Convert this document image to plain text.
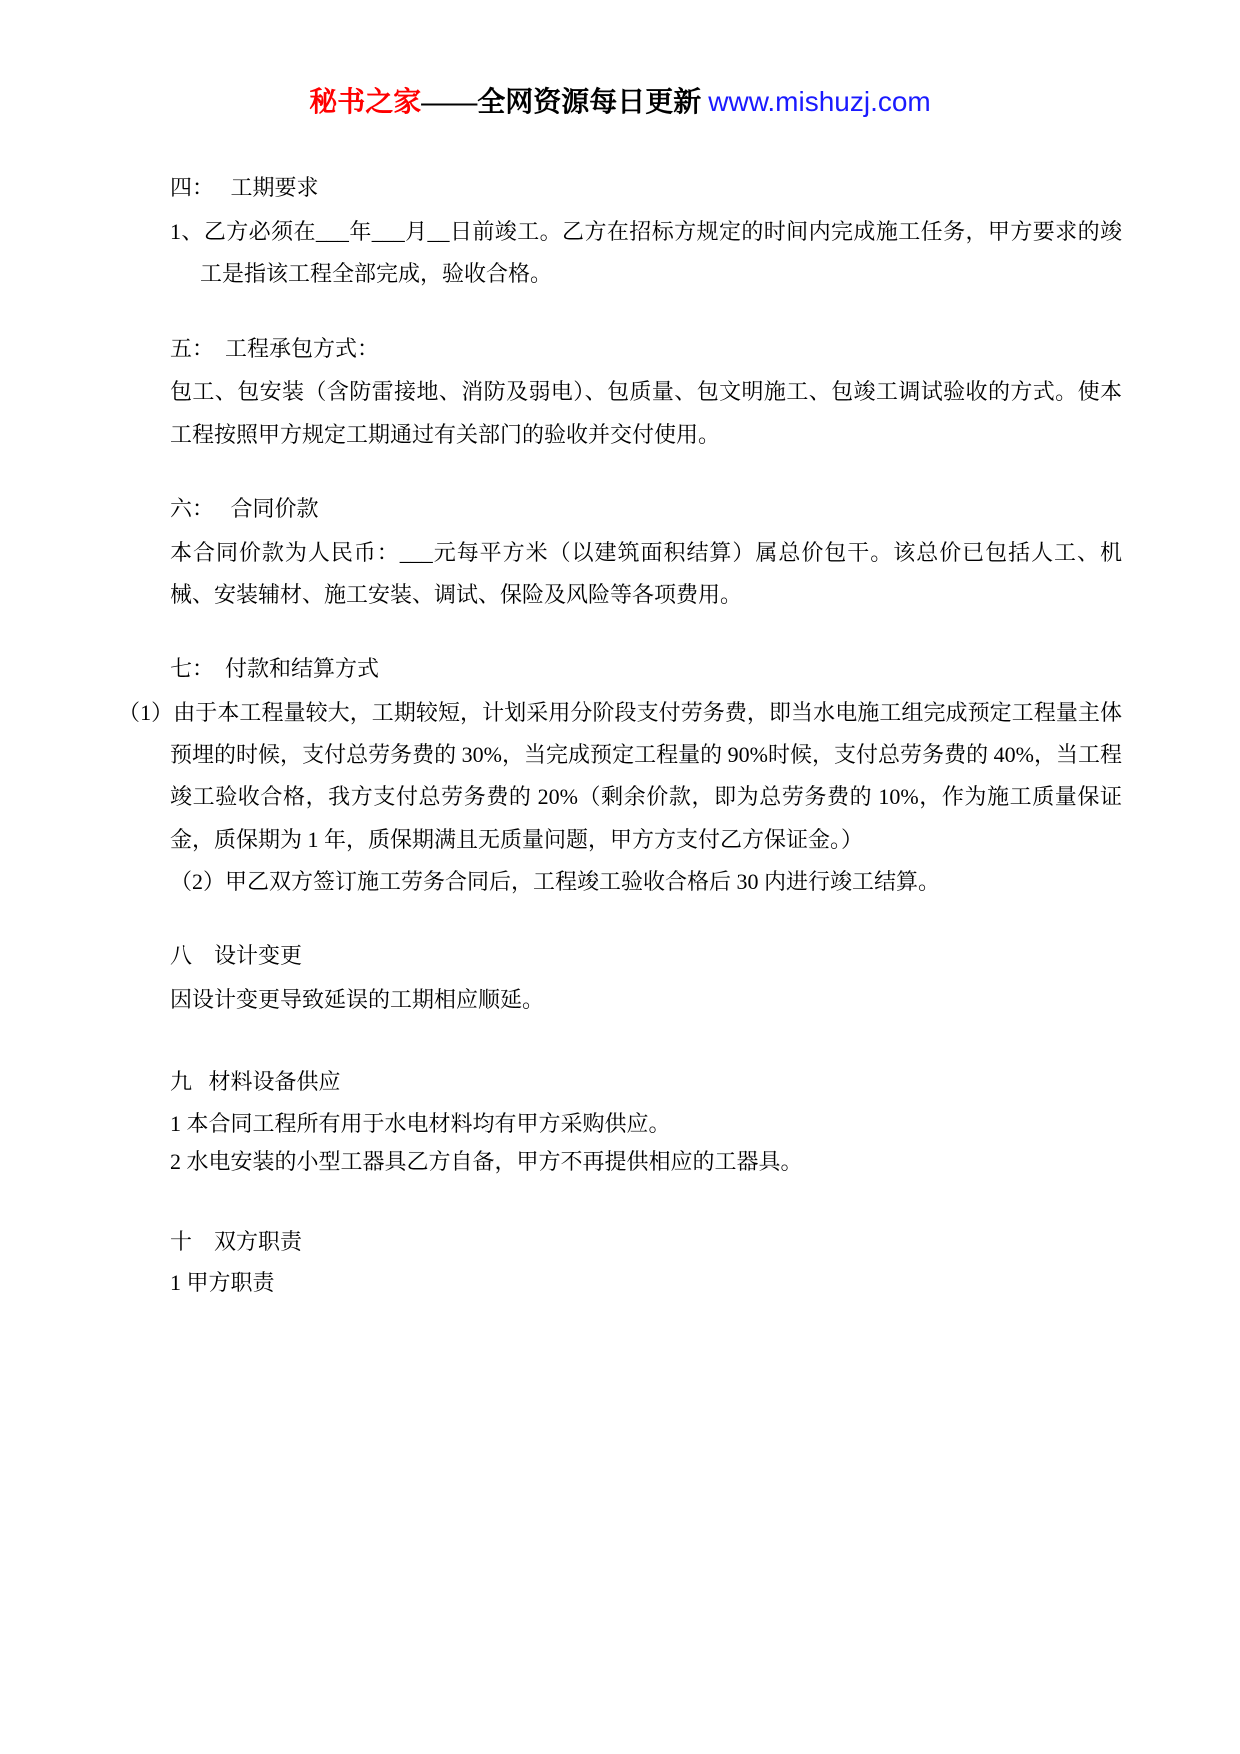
秘书之家——全网资源每日更新 www.mishuzj.com

四：   工期要求

1、乙方必须在___年___月__日前竣工。乙方在招标方规定的时间内完成施工任务，甲方要求的竣工是指该工程全部完成，验收合格。

五：  工程承包方式：

包工、包安装（含防雷接地、消防及弱电）、包质量、包文明施工、包竣工调试验收的方式。使本工程按照甲方规定工期通过有关部门的验收并交付使用。

六：   合同价款

本合同价款为人民币：___元每平方米（以建筑面积结算）属总价包干。该总价已包括人工、机械、安装辅材、施工安装、调试、保险及风险等各项费用。

七：  付款和结算方式

（1）由于本工程量较大，工期较短，计划采用分阶段支付劳务费，即当水电施工组完成预定工程量主体预埋的时候，支付总劳务费的 30%，当完成预定工程量的 90%时候，支付总劳务费的 40%，当工程竣工验收合格，我方支付总劳务费的 20%（剩余价款，即为总劳务费的 10%，作为施工质量保证金，质保期为 1 年，质保期满且无质量问题，甲方方支付乙方保证金。）

（2）甲乙双方签订施工劳务合同后，工程竣工验收合格后 30 内进行竣工结算。

八    设计变更

因设计变更导致延误的工期相应顺延。

九   材料设备供应

1 本合同工程所有用于水电材料均有甲方采购供应。

2 水电安装的小型工器具乙方自备，甲方不再提供相应的工器具。

十    双方职责

1 甲方职责
